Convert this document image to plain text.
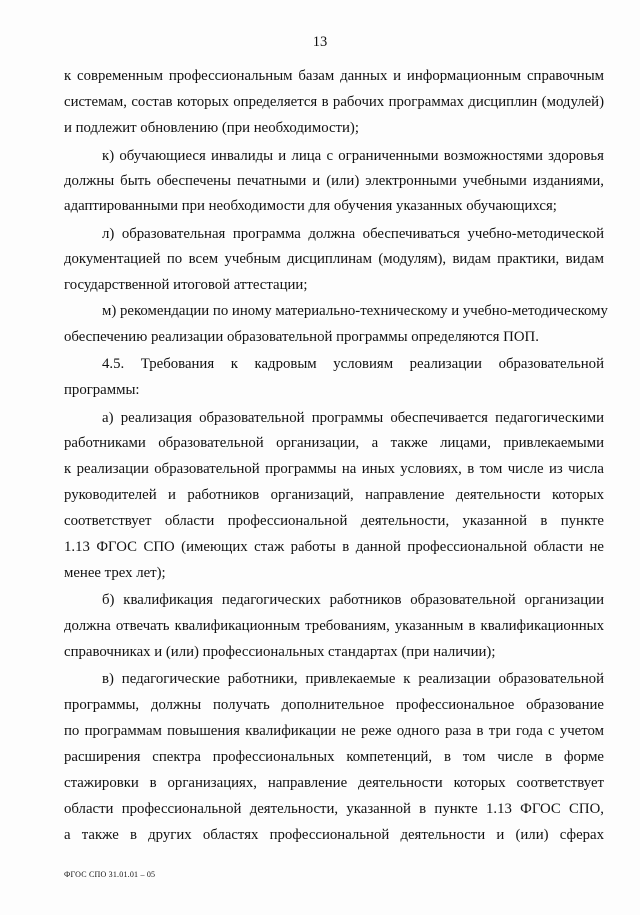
13
к современным профессиональным базам данных и информационным справочным
системам, состав которых определяется в рабочих программах дисциплин (модулей)
и подлежит обновлению (при необходимости);
к) обучающиеся инвалиды и лица с ограниченными возможностями здоровья
должны быть обеспечены печатными и (или) электронными учебными изданиями,
адаптированными при необходимости для обучения указанных обучающихся;
л) образовательная программа должна обеспечиваться учебно-методической
документацией по всем учебным дисциплинам (модулям), видам практики, видам
государственной итоговой аттестации;
м) рекомендации по иному материально-техническому и учебно-методическому
обеспечению реализации образовательной программы определяются ПОП.
4.5. Требования к кадровым условиям реализации образовательной
программы:
а) реализация образовательной программы обеспечивается педагогическими
работниками образовательной организации, а также лицами, привлекаемыми
к реализации образовательной программы на иных условиях, в том числе из числа
руководителей и работников организаций, направление деятельности которых
соответствует области профессиональной деятельности, указанной в пункте
1.13 ФГОС СПО (имеющих стаж работы в данной профессиональной области не
менее трех лет);
б) квалификация педагогических работников образовательной организации
должна отвечать квалификационным требованиям, указанным в квалификационных
справочниках и (или) профессиональных стандартах (при наличии);
в) педагогические работники, привлекаемые к реализации образовательной
программы, должны получать дополнительное профессиональное образование
по программам повышения квалификации не реже одного раза в три года с учетом
расширения спектра профессиональных компетенций, в том числе в форме
стажировки в организациях, направление деятельности которых соответствует
области профессиональной деятельности, указанной в пункте 1.13 ФГОС СПО,
а также в других областях профессиональной деятельности и (или) сферах
ФГОС СПО 31.01.01 – 05
